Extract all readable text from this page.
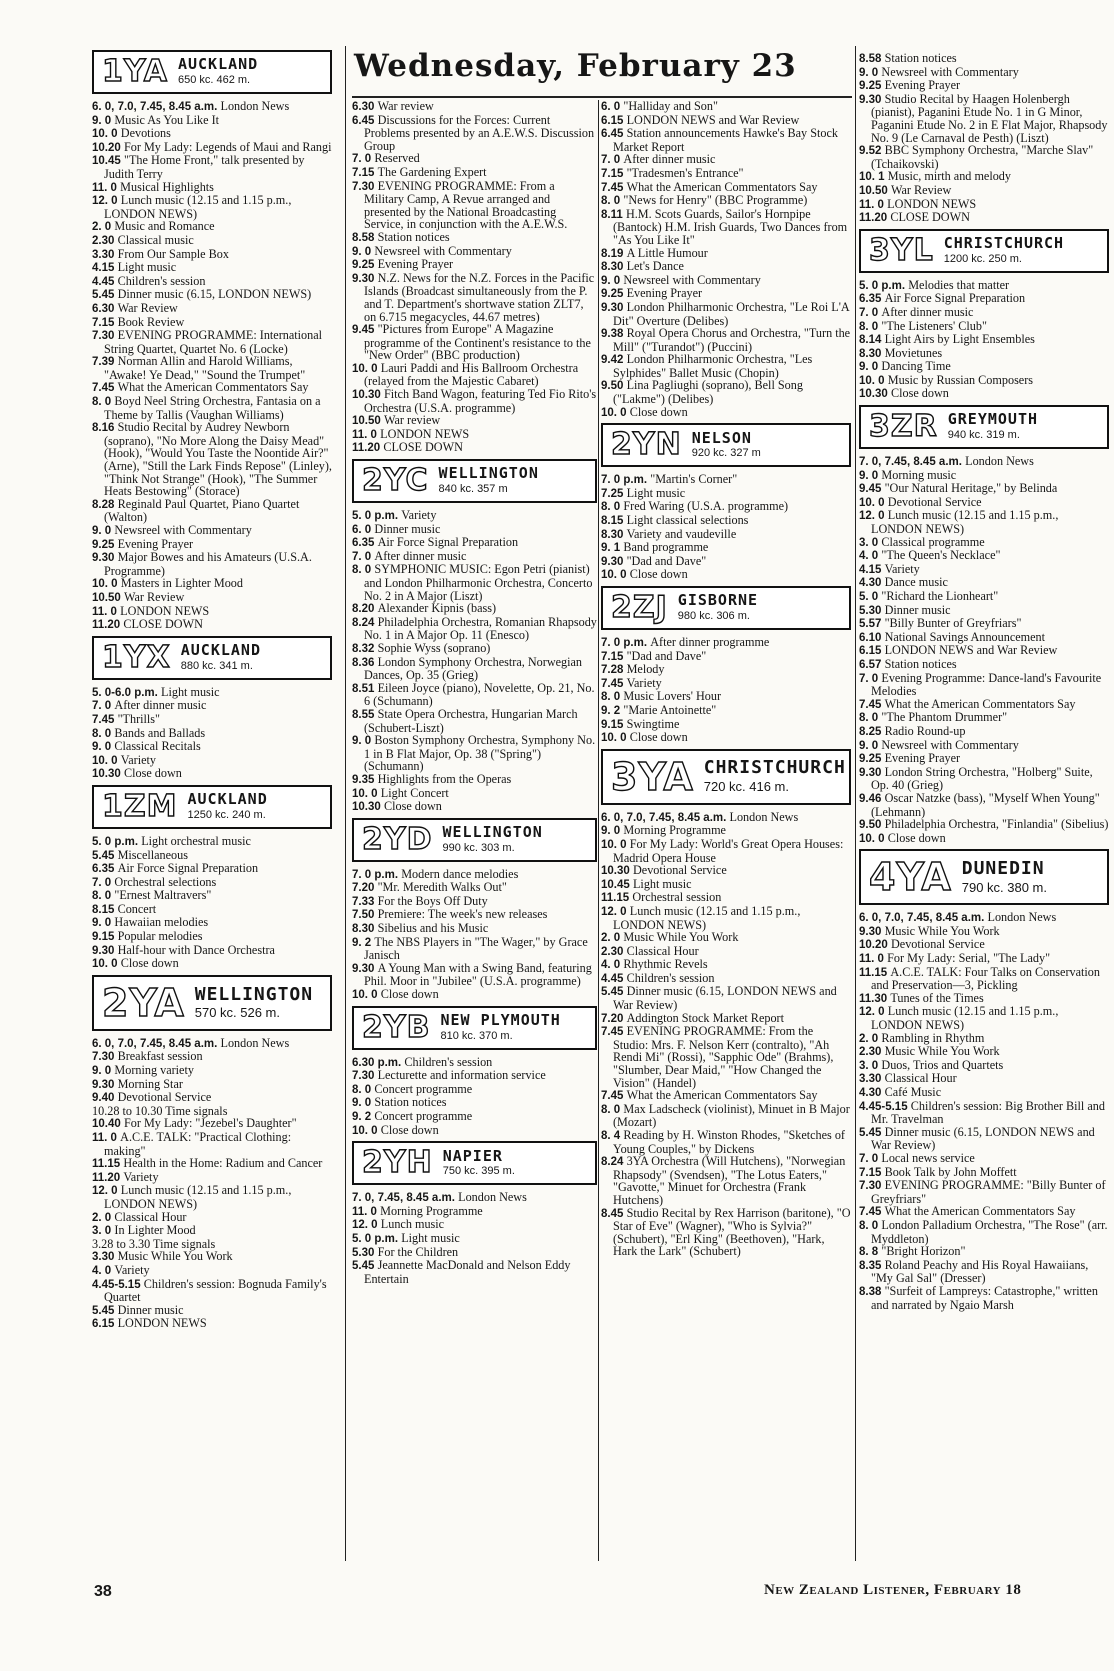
Wednesday, February 23
1YA AUCKLAND
650 kc. 462 m.

6. 0, 7.0, 7.45, 8.45 a.m. London News

9. 0 Music As You Like It

10. 0 Devotions

10.20 For My Lady: Legends of Maui and Rangi

10.45 "The Home Front," talk presented by Judith Terry

11. 0 Musical Highlights

12. 0 Lunch music (12.15 and 1.15 p.m., LONDON NEWS)

2. 0 Music and Romance

2.30 Classical music

3.30 From Our Sample Box

4.15 Light music

4.45 Children's session

5.45 Dinner music (6.15, LONDON NEWS)

6.30 War Review

7.15 Book Review

7.30 EVENING PROGRAMME: International String Quartet, Quartet No. 6 (Locke)

7.39 Norman Allin and Harold Williams, "Awake! Ye Dead," "Sound the Trumpet"

7.45 What the American Commentators Say

8. 0 Boyd Neel String Orchestra, Fantasia on a Theme by Tallis (Vaughan Williams)

8.16 Studio Recital by Audrey Newborn (soprano), "No More Along the Daisy Mead" (Hook), "Would You Taste the Noontide Air?" (Arne), "Still the Lark Finds Repose" (Linley), "Think Not Strange" (Hook), "The Summer Heats Bestowing" (Storace)

8.28 Reginald Paul Quartet, Piano Quartet (Walton)

9. 0 Newsreel with Commentary

9.25 Evening Prayer

9.30 Major Bowes and his Amateurs (U.S.A. Programme)

10. 0 Masters in Lighter Mood

10.50 War Review

11. 0 LONDON NEWS

11.20 CLOSE DOWN

1YX AUCKLAND
880 kc. 341 m.

5. 0-6.0 p.m. Light music

7. 0 After dinner music

7.45 "Thrills"

8. 0 Bands and Ballads

9. 0 Classical Recitals

10. 0 Variety

10.30 Close down

1ZM AUCKLAND
1250 kc. 240 m.

5. 0 p.m. Light orchestral music

5.45 Miscellaneous

6.35 Air Force Signal Preparation

7. 0 Orchestral selections

8. 0 "Ernest Maltravers"

8.15 Concert

9. 0 Hawaiian melodies

9.15 Popular melodies

9.30 Half-hour with Dance Orchestra

10. 0 Close down

2YA WELLINGTON
570 kc. 526 m.

6. 0, 7.0, 7.45, 8.45 a.m. London News

7.30 Breakfast session

9. 0 Morning variety

9.30 Morning Star

9.40 Devotional Service

10.28 to 10.30 Time signals

10.40 For My Lady: "Jezebel's Daughter"

11. 0 A.C.E. TALK: "Practical Clothing: making"

11.15 Health in the Home: Radium and Cancer

11.20 Variety

12. 0 Lunch music (12.15 and 1.15 p.m., LONDON NEWS)

2. 0 Classical Hour

3. 0 In Lighter Mood

3.28 to 3.30 Time signals

3.30 Music While You Work

4. 0 Variety

4.45-5.15 Children's session: Bognuda Family's Quartet

5.45 Dinner music

6.15 LONDON NEWS

6.30 War review

6.45 Discussions for the Forces: Current Problems presented by an A.E.W.S. Discussion Group

7. 0 Reserved

7.15 The Gardening Expert

7.30 EVENING PROGRAMME: From a Military Camp, A Revue arranged and presented by the National Broadcasting Service, in conjunction with the A.E.W.S.

8.58 Station notices

9. 0 Newsreel with Commentary

9.25 Evening Prayer

9.30 N.Z. News for the N.Z. Forces in the Pacific Islands (Broadcast simultaneously from the P. and T. Department's shortwave station ZLT7, on 6.715 megacycles, 44.67 metres)

9.45 "Pictures from Europe" A Magazine programme of the Continent's resistance to the "New Order" (BBC production)

10. 0 Lauri Paddi and His Ballroom Orchestra (relayed from the Majestic Cabaret)

10.30 Fitch Band Wagon, featuring Ted Fio Rito's Orchestra (U.S.A. programme)

10.50 War review

11. 0 LONDON NEWS

11.20 CLOSE DOWN

2YC WELLINGTON
840 kc. 357 m

5. 0 p.m. Variety

6. 0 Dinner music

6.35 Air Force Signal Preparation

7. 0 After dinner music

8. 0 SYMPHONIC MUSIC: Egon Petri (pianist) and London Philharmonic Orchestra, Concerto No. 2 in A Major (Liszt)

8.20 Alexander Kipnis (bass)

8.24 Philadelphia Orchestra, Romanian Rhapsody No. 1 in A Major Op. 11 (Enesco)

8.32 Sophie Wyss (soprano)

8.36 London Symphony Orchestra, Norwegian Dances, Op. 35 (Grieg)

8.51 Eileen Joyce (piano), Novelette, Op. 21, No. 6 (Schumann)

8.55 State Opera Orchestra, Hungarian March (Schubert-Liszt)

9. 0 Boston Symphony Orchestra, Symphony No. 1 in B Flat Major, Op. 38 ("Spring") (Schumann)

9.35 Highlights from the Operas

10. 0 Light Concert

10.30 Close down

2YD WELLINGTON
990 kc. 303 m.

7. 0 p.m. Modern dance melodies

7.20 "Mr. Meredith Walks Out"

7.33 For the Boys Off Duty

7.50 Premiere: The week's new releases

8.30 Sibelius and his Music

9. 2 The NBS Players in "The Wager," by Grace Janisch

9.30 A Young Man with a Swing Band, featuring Phil. Moor in "Jubilee" (U.S.A. programme)

10. 0 Close down

2YB NEW PLYMOUTH
810 kc. 370 m.

6.30 p.m. Children's session

7.30 Lecturette and information service

8. 0 Concert programme

9. 0 Station notices

9. 2 Concert programme

10. 0 Close down

2YH NAPIER
750 kc. 395 m.

7. 0, 7.45, 8.45 a.m. London News

11. 0 Morning Programme

12. 0 Lunch music

5. 0 p.m. Light music

5.30 For the Children

5.45 Jeannette MacDonald and Nelson Eddy Entertain

6. 0 "Halliday and Son"

6.15 LONDON NEWS and War Review

6.45 Station announcements Hawke's Bay Stock Market Report

7. 0 After dinner music

7.15 "Tradesmen's Entrance"

7.45 What the American Commentators Say

8. 0 "News for Henry" (BBC Programme)

8.11 H.M. Scots Guards, Sailor's Hornpipe (Bantock) H.M. Irish Guards, Two Dances from "As You Like It"

8.19 A Little Humour

8.30 Let's Dance

9. 0 Newsreel with Commentary

9.25 Evening Prayer

9.30 London Philharmonic Orchestra, "Le Roi L'A Dit" Overture (Delibes)

9.38 Royal Opera Chorus and Orchestra, "Turn the Mill" ("Turandot") (Puccini)

9.42 London Philharmonic Orchestra, "Les Sylphides" Ballet Music (Chopin)

9.50 Lina Pagliughi (soprano), Bell Song ("Lakme") (Delibes)

10. 0 Close down

2YN NELSON
920 kc. 327 m

7. 0 p.m. "Martin's Corner"

7.25 Light music

8. 0 Fred Waring (U.S.A. programme)

8.15 Light classical selections

8.30 Variety and vaudeville

9. 1 Band programme

9.30 "Dad and Dave"

10. 0 Close down

2ZJ GISBORNE
980 kc. 306 m.

7. 0 p.m. After dinner programme

7.15 "Dad and Dave"

7.28 Melody

7.45 Variety

8. 0 Music Lovers' Hour

9. 2 "Marie Antoinette"

9.15 Swingtime

10. 0 Close down

3YA CHRISTCHURCH
720 kc. 416 m.

6. 0, 7.0, 7.45, 8.45 a.m. London News

9. 0 Morning Programme

10. 0 For My Lady: World's Great Opera Houses: Madrid Opera House

10.30 Devotional Service

10.45 Light music

11.15 Orchestral session

12. 0 Lunch music (12.15 and 1.15 p.m., LONDON NEWS)

2. 0 Music While You Work

2.30 Classical Hour

4. 0 Rhythmic Revels

4.45 Children's session

5.45 Dinner music (6.15, LONDON NEWS and War Review)

7.20 Addington Stock Market Report

7.45 EVENING PROGRAMME: From the Studio: Mrs. F. Nelson Kerr (contralto), "Ah Rendi Mi" (Rossi), "Sapphic Ode" (Brahms), "Slumber, Dear Maid," "How Changed the Vision" (Handel)

7.45 What the American Commentators Say

8. 0 Max Ladscheck (violinist), Minuet in B Major (Mozart)

8. 4 Reading by H. Winston Rhodes, "Sketches of Young Couples," by Dickens

8.24 3YA Orchestra (Will Hutchens), "Norwegian Rhapsody" (Svendsen), "The Lotus Eaters," "Gavotte," Minuet for Orchestra (Frank Hutchens)

8.45 Studio Recital by Rex Harrison (baritone), "O Star of Eve" (Wagner), "Who is Sylvia?" (Schubert), "Erl King" (Beethoven), "Hark, Hark the Lark" (Schubert)

8.58 Station notices

9. 0 Newsreel with Commentary

9.25 Evening Prayer

9.30 Studio Recital by Haagen Holenbergh (pianist), Paganini Etude No. 1 in G Minor, Paganini Etude No. 2 in E Flat Major, Rhapsody No. 9 (Le Carnaval de Pesth) (Liszt)

9.52 BBC Symphony Orchestra, "Marche Slav" (Tchaikovski)

10. 1 Music, mirth and melody

10.50 War Review

11. 0 LONDON NEWS

11.20 CLOSE DOWN

3YL CHRISTCHURCH
1200 kc. 250 m.

5. 0 p.m. Melodies that matter

6.35 Air Force Signal Preparation

7. 0 After dinner music

8. 0 "The Listeners' Club"

8.14 Light Airs by Light Ensembles

8.30 Movietunes

9. 0 Dancing Time

10. 0 Music by Russian Composers

10.30 Close down

3ZR GREYMOUTH
940 kc. 319 m.

7. 0, 7.45, 8.45 a.m. London News

9. 0 Morning music

9.45 "Our Natural Heritage," by Belinda

10. 0 Devotional Service

12. 0 Lunch music (12.15 and 1.15 p.m., LONDON NEWS)

3. 0 Classical programme

4. 0 "The Queen's Necklace"

4.15 Variety

4.30 Dance music

5. 0 "Richard the Lionheart"

5.30 Dinner music

5.57 "Billy Bunter of Greyfriars"

6.10 National Savings Announcement

6.15 LONDON NEWS and War Review

6.57 Station notices

7. 0 Evening Programme: Dance-land's Favourite Melodies

7.45 What the American Commentators Say

8. 0 "The Phantom Drummer"

8.25 Radio Round-up

9. 0 Newsreel with Commentary

9.25 Evening Prayer

9.30 London String Orchestra, "Holberg" Suite, Op. 40 (Grieg)

9.46 Oscar Natzke (bass), "Myself When Young" (Lehmann)

9.50 Philadelphia Orchestra, "Finlandia" (Sibelius)

10. 0 Close down

4YA DUNEDIN
790 kc. 380 m.

6. 0, 7.0, 7.45, 8.45 a.m. London News

9.30 Music While You Work

10.20 Devotional Service

11. 0 For My Lady: Serial, "The Lady"

11.15 A.C.E. TALK: Four Talks on Conservation and Preservation—3, Pickling

11.30 Tunes of the Times

12. 0 Lunch music (12.15 and 1.15 p.m., LONDON NEWS)

2. 0 Rambling in Rhythm

2.30 Music While You Work

3. 0 Duos, Trios and Quartets

3.30 Classical Hour

4.30 Café Music

4.45-5.15 Children's session: Big Brother Bill and Mr. Travelman

5.45 Dinner music (6.15, LONDON NEWS and War Review)

7. 0 Local news service

7.15 Book Talk by John Moffett

7.30 EVENING PROGRAMME: "Billy Bunter of Greyfriars"

7.45 What the American Commentators Say

8. 0 London Palladium Orchestra, "The Rose" (arr. Myddleton)

8. 8 "Bright Horizon"

8.35 Roland Peachy and His Royal Hawaiians, "My Gal Sal" (Dresser)

8.38 "Surfeit of Lampreys: Catastrophe," written and narrated by Ngaio Marsh

38	New Zealand Listener, February 18
